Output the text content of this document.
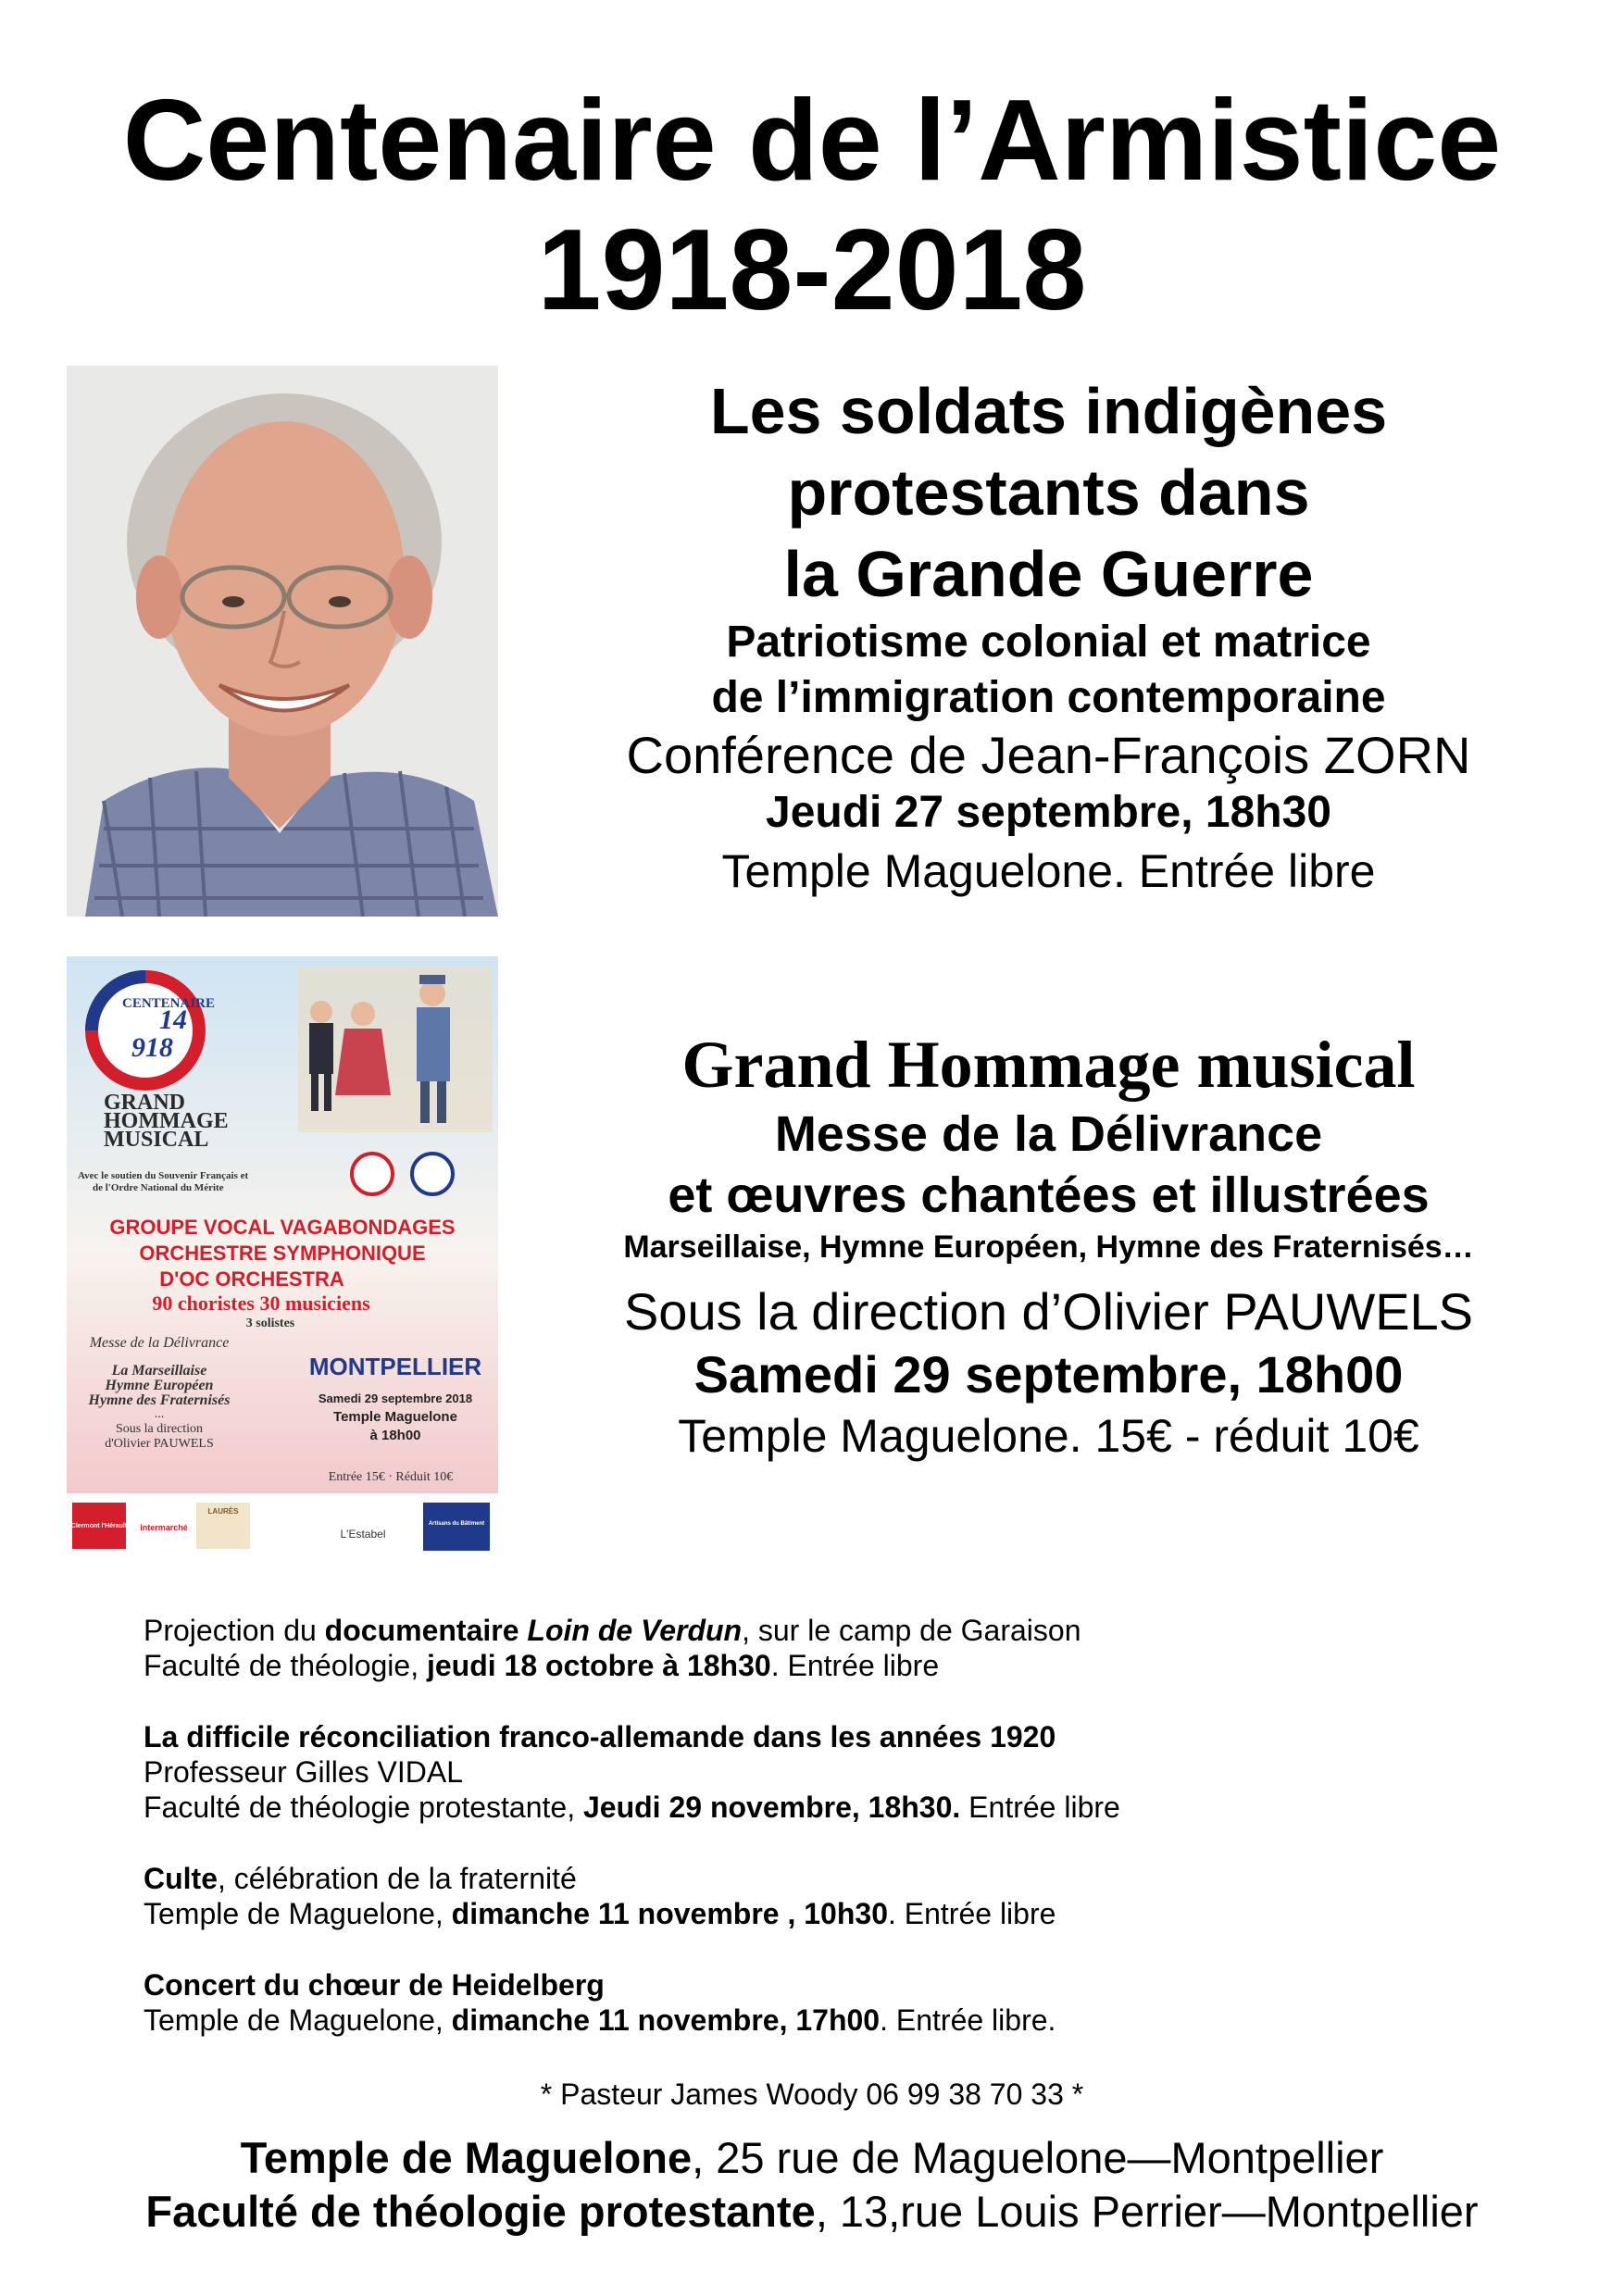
Centenaire de l’Armistice
1918-2018
Les soldats indigènes
protestants dans
la Grande Guerre
Patriotisme colonial et matrice
de l’immigration contemporaine
Conférence de Jean-François ZORN
Jeudi 27 septembre, 18h30
Temple Maguelone. Entrée libre
CENTENAIRE
14
918
GRAND
HOMMAGE
MUSICAL
Avec le soutien du Souvenir Français et
de l'Ordre National du Mérite
GROUPE VOCAL VAGABONDAGES
ORCHESTRE SYMPHONIQUE
D'OC ORCHESTRA
90 choristes 30 musiciens
3 solistes
Messe de la Délivrance
La Marseillaise
Hymne Européen
Hymne des Fraternisés
...
Sous la direction
d'Olivier PAUWELS
MONTPELLIER
Samedi 29 septembre 2018
Temple Maguelone
à 18h00
Entrée 15€ · Réduit 10€
Clermont l'Hérault Intermarché
LAURÈS
L'Estabel
Artisans du Bâtiment
Grand Hommage musical
Messe de la Délivrance
et œuvres chantées et illustrées
Marseillaise, Hymne Européen, Hymne des Fraternisés…
Sous la direction d’Olivier PAUWELS
Samedi 29 septembre, 18h00
Temple Maguelone. 15€ - réduit 10€
Projection du documentaire Loin de Verdun, sur le camp de Garaison
Faculté de théologie, jeudi 18 octobre à 18h30. Entrée libre
La difficile réconciliation franco-allemande dans les années 1920
Professeur Gilles VIDAL
Faculté de théologie protestante, Jeudi 29 novembre, 18h30. Entrée libre
Culte, célébration de la fraternité
Temple de Maguelone, dimanche 11 novembre , 10h30. Entrée libre
Concert du chœur de Heidelberg
Temple de Maguelone, dimanche 11 novembre, 17h00. Entrée libre.
* Pasteur James Woody 06 99 38 70 33 *
Temple de Maguelone, 25 rue de Maguelone—Montpellier
Faculté de théologie protestante, 13,rue Louis Perrier—Montpellier
